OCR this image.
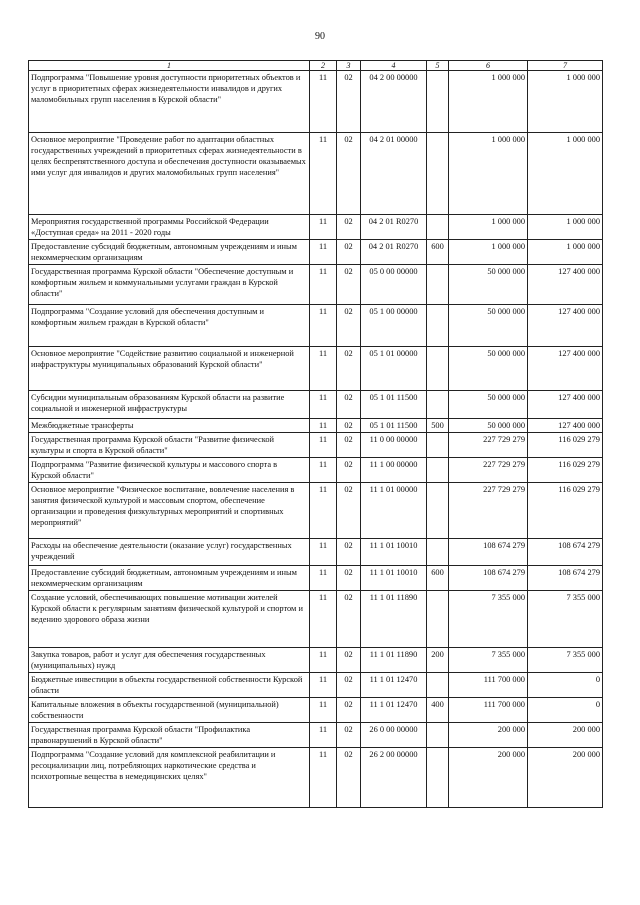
90
1	2	3	4	5	6	7
Подпрограмма "Повышение уровня доступности приоритетных объектов и услуг в приоритетных сферах жизнедеятельности инвалидов и других маломобильных групп населения в Курской области"	11	02	04 2 00 00000		1 000 000	1 000 000
Основное мероприятие "Проведение работ по адаптации областных государственных учреждений в приоритетных сферах жизнедеятельности в целях беспрепятственного доступа и обеспечения доступности оказываемых ими услуг для инвалидов и других маломобильных групп населения"	11	02	04 2 01 00000		1 000 000	1 000 000
Мероприятия государственной программы Российской Федерации «Доступная среда» на 2011 - 2020 годы	11	02	04 2 01 R0270		1 000 000	1 000 000
Предоставление субсидий бюджетным, автономным учреждениям и иным некоммерческим организациям	11	02	04 2 01 R0270	600	1 000 000	1 000 000
Государственная программа Курской области "Обеспечение доступным и комфортным жильем и коммунальными услугами граждан в Курской области"	11	02	05 0 00 00000		50 000 000	127 400 000
Подпрограмма "Создание условий для обеспечения доступным и комфортным жильем граждан в Курской области"	11	02	05 1 00 00000		50 000 000	127 400 000
Основное мероприятие "Содействие развитию социальной и инженерной инфраструктуры муниципальных образований Курской области"	11	02	05 1 01 00000		50 000 000	127 400 000
Субсидии муниципальным образованиям Курской области на развитие социальной и инженерной инфраструктуры	11	02	05 1 01 11500		50 000 000	127 400 000
Межбюджетные трансферты	11	02	05 1 01 11500	500	50 000 000	127 400 000
Государственная программа Курской области "Развитие физической культуры и спорта в Курской области"	11	02	11 0 00 00000		227 729 279	116 029 279
Подпрограмма "Развитие физической культуры и массового спорта в Курской области"	11	02	11 1 00 00000		227 729 279	116 029 279
Основное мероприятие "Физическое воспитание, вовлечение населения в занятия физической культурой и массовым спортом, обеспечение организации и проведения физкультурных мероприятий и спортивных мероприятий"	11	02	11 1 01 00000		227 729 279	116 029 279
Расходы на обеспечение деятельности (оказание услуг) государственных учреждений	11	02	11 1 01 10010		108 674 279	108 674 279
Предоставление субсидий бюджетным, автономным учреждениям и иным некоммерческим организациям	11	02	11 1 01 10010	600	108 674 279	108 674 279
Создание условий, обеспечивающих повышение мотивации жителей Курской области к регулярным занятиям физической культурой и спортом и ведению здорового образа жизни	11	02	11 1 01 11890		7 355 000	7 355 000
Закупка товаров, работ и услуг для обеспечения государственных (муниципальных) нужд	11	02	11 1 01 11890	200	7 355 000	7 355 000
Бюджетные инвестиции в объекты государственной собственности Курской области	11	02	11 1 01 12470		111 700 000	0
Капитальные вложения в объекты государственной (муниципальной) собственности	11	02	11 1 01 12470	400	111 700 000	0
Государственная программа Курской области "Профилактика правонарушений в Курской области"	11	02	26 0 00 00000		200 000	200 000
Подпрограмма "Создание условий для комплексной реабилитации и ресоциализации лиц, потребляющих наркотические средства и психотропные вещества в немедицинских целях"	11	02	26 2 00 00000		200 000	200 000
